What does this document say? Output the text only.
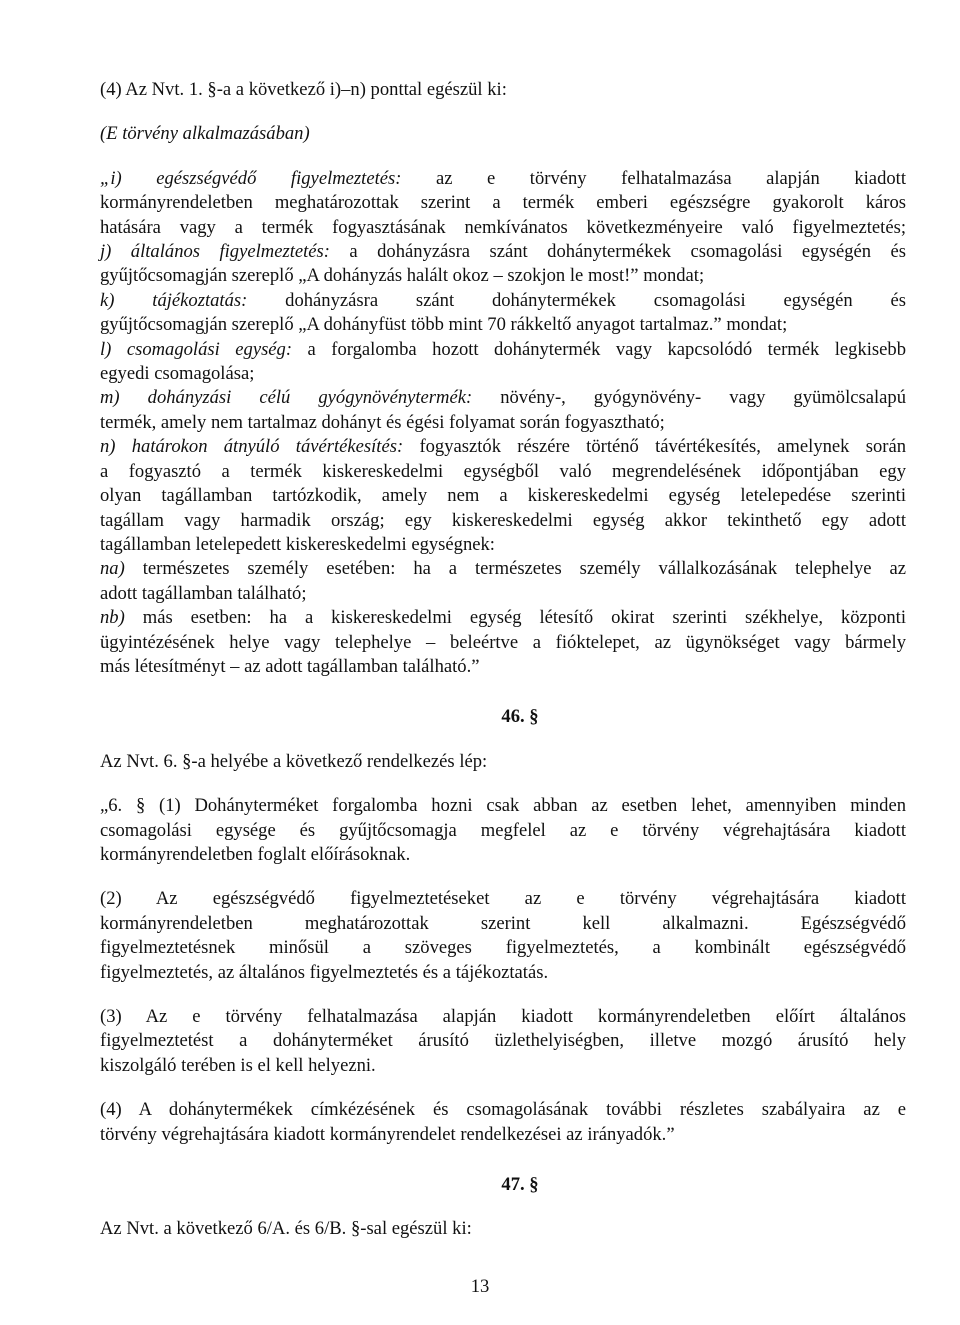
(4) Az Nvt. 1. §-a a következő i)–n) ponttal egészül ki:

(E törvény alkalmazásában)

„i) egészségvédő figyelmeztetés: az e törvény felhatalmazása alapján kiadott

kormányrendeletben meghatározottak szerint a termék emberi egészségre gyakorolt káros

hatására vagy a termék fogyasztásának nemkívánatos következményeire való figyelmeztetés;

j) általános figyelmeztetés: a dohányzásra szánt dohánytermékek csomagolási egységén és

gyűjtőcsomagján szereplő „A dohányzás halált okoz – szokjon le most!” mondat;

k) tájékoztatás: dohányzásra szánt dohánytermékek csomagolási egységén és

gyűjtőcsomagján szereplő „A dohányfüst több mint 70 rákkeltő anyagot tartalmaz.” mondat;

l) csomagolási egység: a forgalomba hozott dohánytermék vagy kapcsolódó termék legkisebb

egyedi csomagolása;

m) dohányzási célú gyógynövénytermék: növény-, gyógynövény- vagy gyümölcsalapú

termék, amely nem tartalmaz dohányt és égési folyamat során fogyasztható;

n) határokon átnyúló távértékesítés: fogyasztók részére történő távértékesítés, amelynek során

a fogyasztó a termék kiskereskedelmi egységből való megrendelésének időpontjában egy

olyan tagállamban tartózkodik, amely nem a kiskereskedelmi egység letelepedése szerinti

tagállam vagy harmadik ország; egy kiskereskedelmi egység akkor tekinthető egy adott

tagállamban letelepedett kiskereskedelmi egységnek:

na) természetes személy esetében: ha a természetes személy vállalkozásának telephelye az

adott tagállamban található;

nb) más esetben: ha a kiskereskedelmi egység létesítő okirat szerinti székhelye, központi

ügyintézésének helye vagy telephelye – beleértve a fióktelepet, az ügynökséget vagy bármely

más létesítményt – az adott tagállamban található.”

46. §

Az Nvt. 6. §-a helyébe a következő rendelkezés lép:

„6. § (1) Dohányterméket forgalomba hozni csak abban az esetben lehet, amennyiben minden

csomagolási egysége és gyűjtőcsomagja megfelel az e törvény végrehajtására kiadott

kormányrendeletben foglalt előírásoknak.

(2) Az egészségvédő figyelmeztetéseket az e törvény végrehajtására kiadott

kormányrendeletben meghatározottak szerint kell alkalmazni. Egészségvédő

figyelmeztetésnek minősül a szöveges figyelmeztetés, a kombinált egészségvédő

figyelmeztetés, az általános figyelmeztetés és a tájékoztatás.

(3) Az e törvény felhatalmazása alapján kiadott kormányrendeletben előírt általános

figyelmeztetést a dohányterméket árusító üzlethelyiségben, illetve mozgó árusító hely

kiszolgáló terében is el kell helyezni.

(4) A dohánytermékek címkézésének és csomagolásának további részletes szabályaira az e

törvény végrehajtására kiadott kormányrendelet rendelkezései az irányadók.”

47. §

Az Nvt. a következő 6/A. és 6/B. §-sal egészül ki:

13
